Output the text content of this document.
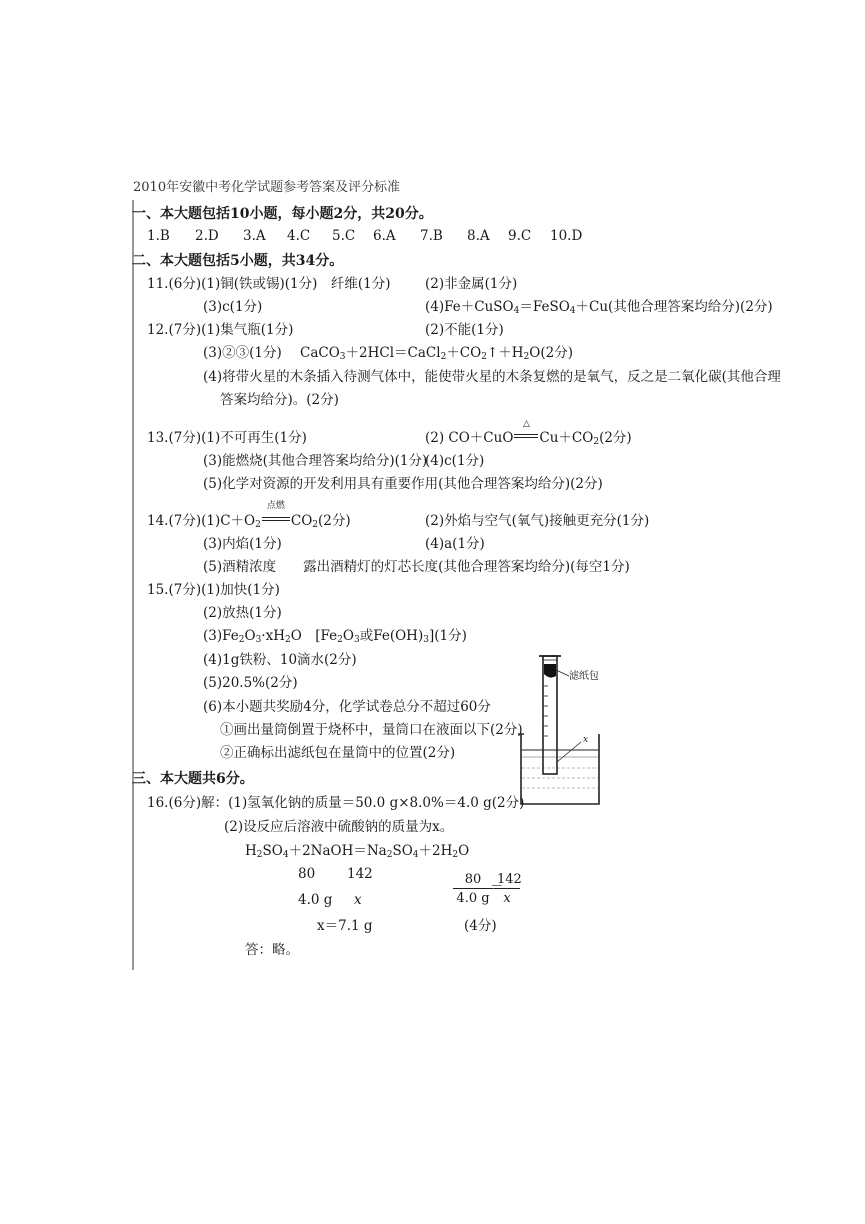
2010年安徽中考化学试题参考答案及评分标准
一、本大题包括10小题，每小题2分，共20分。
1.B 2.D 3.A 4.C 5.C 6.A 7.B 8.A 9.C 10.D
二、本大题包括5小题，共34分。
11.(6分)(1)铜(铁或锡)(1分)　纤维(1分)	(2)非金属(1分)
(3)c(1分)	(4)Fe＋CuSO$_4$＝FeSO$_4$＋Cu(其他合理答案均给分)(2分)
12.(7分)(1)集气瓶(1分)	(2)不能(1分)
(3)②③(1分) $CaCO_3+2HCl=CaCl_2+CO_2↑+H_2O(2$分)
(4)将带火星的木条插入待测气体中，能使带火星的木条复燃的是氧气，反之是二氧化碳(其他合理
答案均给分)。(2分)
13.(7分)(1)不可再生(1分)	(2) CO＋CuO
△
$Cu+CO_2(2$分)
(3)能燃烧(其他合理答案均给分)(1分)
(4)c(1分)
(5)化学对资源的开发利用具有重要作用(其他合理答案均给分)(2分)
14.(7分)$(1)C+O_2$
点燃
$CO_2(2$分)	(2)外焰与空气(氧气)接触更充分(1分)
(3)内焰(1分)	(4)a(1分)
(5)酒精浓度　　露出酒精灯的灯芯长度(其他合理答案均给分)(每空1分)
15.(7分)(1)加快(1分)
(2)放热(1分)
$(3)Fe_2O_3\cdot xH_2O$　[$Fe_2O_3$或$Fe(OH)_3](1$分)
(4)1g铁粉、10滴水(2分)
(5)20.5%(2分)
(6)本小题共奖励4分，化学试卷总分不超过60分
①画出量筒倒置于烧杯中，量筒口在液面以下(2分)
②正确标出滤纸包在量筒中的位置(2分)
x
滤纸包
三、本大题共6分。
16.(6分)解：(1)氢氧化钠的质量＝50.0 g×8.0%＝4.0 g(2分)
(2)设反应后溶液中硫酸钠的质量为x。
$H_2SO_4+2NaOH=Na_2SO_4+2H_2O$
80 142
4.0 g x
x＝7.1 g
$\frac{80}{4.0 g}$
＝
$\frac{142}{x}$
(4分)
答：略。
